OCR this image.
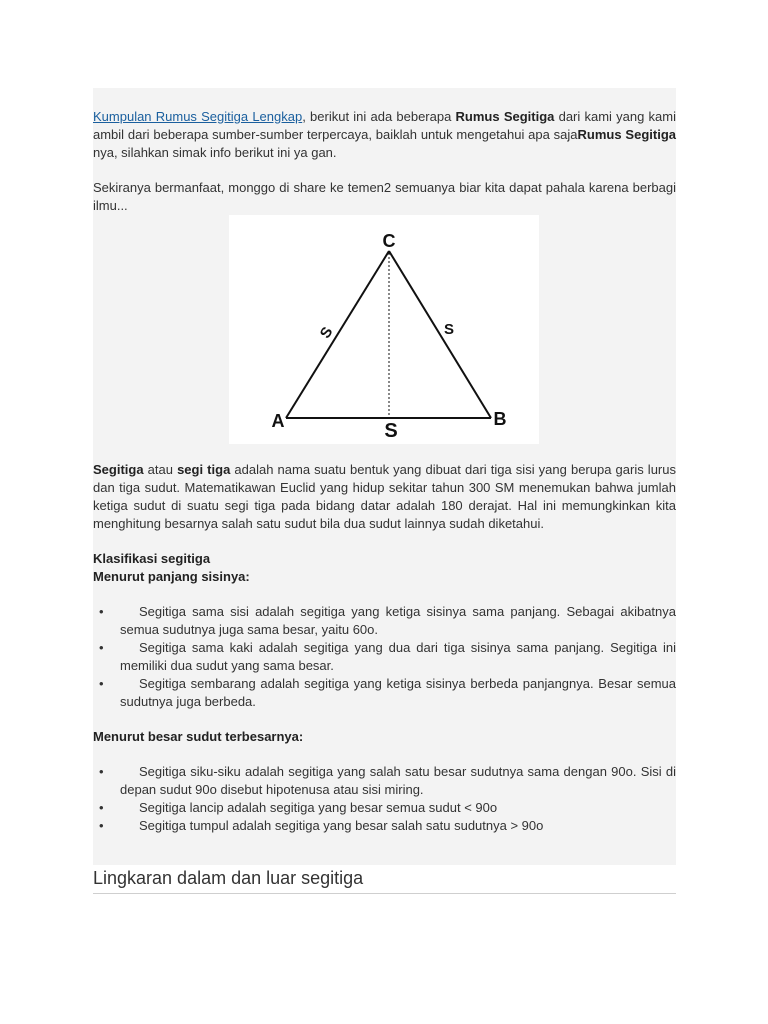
Kumpulan Rumus Segitiga Lengkap, berikut ini ada beberapa Rumus Segitiga dari kami yang kami ambil dari beberapa sumber-sumber terpercaya, baiklah untuk mengetahui apa sajaRumus Segitiga nya, silahkan simak info berikut ini ya gan.

Sekiranya bermanfaat, monggo di share ke temen2 semuanya biar kita dapat pahala karena berbagi ilmu...

C
A	B
S
S	S

Segitiga atau segi tiga adalah nama suatu bentuk yang dibuat dari tiga sisi yang berupa garis lurus dan tiga sudut. Matematikawan Euclid yang hidup sekitar tahun 300 SM menemukan bahwa jumlah ketiga sudut di suatu segi tiga pada bidang datar adalah 180 derajat. Hal ini memungkinkan kita menghitung besarnya salah satu sudut bila dua sudut lainnya sudah diketahui.

Klasifikasi segitiga

Menurut panjang sisinya:

•	Segitiga sama sisi adalah segitiga yang ketiga sisinya sama panjang. Sebagai akibatnya semua sudutnya juga sama besar, yaitu 60o.
•	Segitiga sama kaki adalah segitiga yang dua dari tiga sisinya sama panjang. Segitiga ini memiliki dua sudut yang sama besar.
•	Segitiga sembarang adalah segitiga yang ketiga sisinya berbeda panjangnya. Besar semua sudutnya juga berbeda.

Menurut besar sudut terbesarnya:

•	Segitiga siku-siku adalah segitiga yang salah satu besar sudutnya sama dengan 90o. Sisi di depan sudut 90o disebut hipotenusa atau sisi miring.
•	Segitiga lancip adalah segitiga yang besar semua sudut < 90o
•	Segitiga tumpul adalah segitiga yang besar salah satu sudutnya > 90o
Lingkaran dalam dan luar segitiga
